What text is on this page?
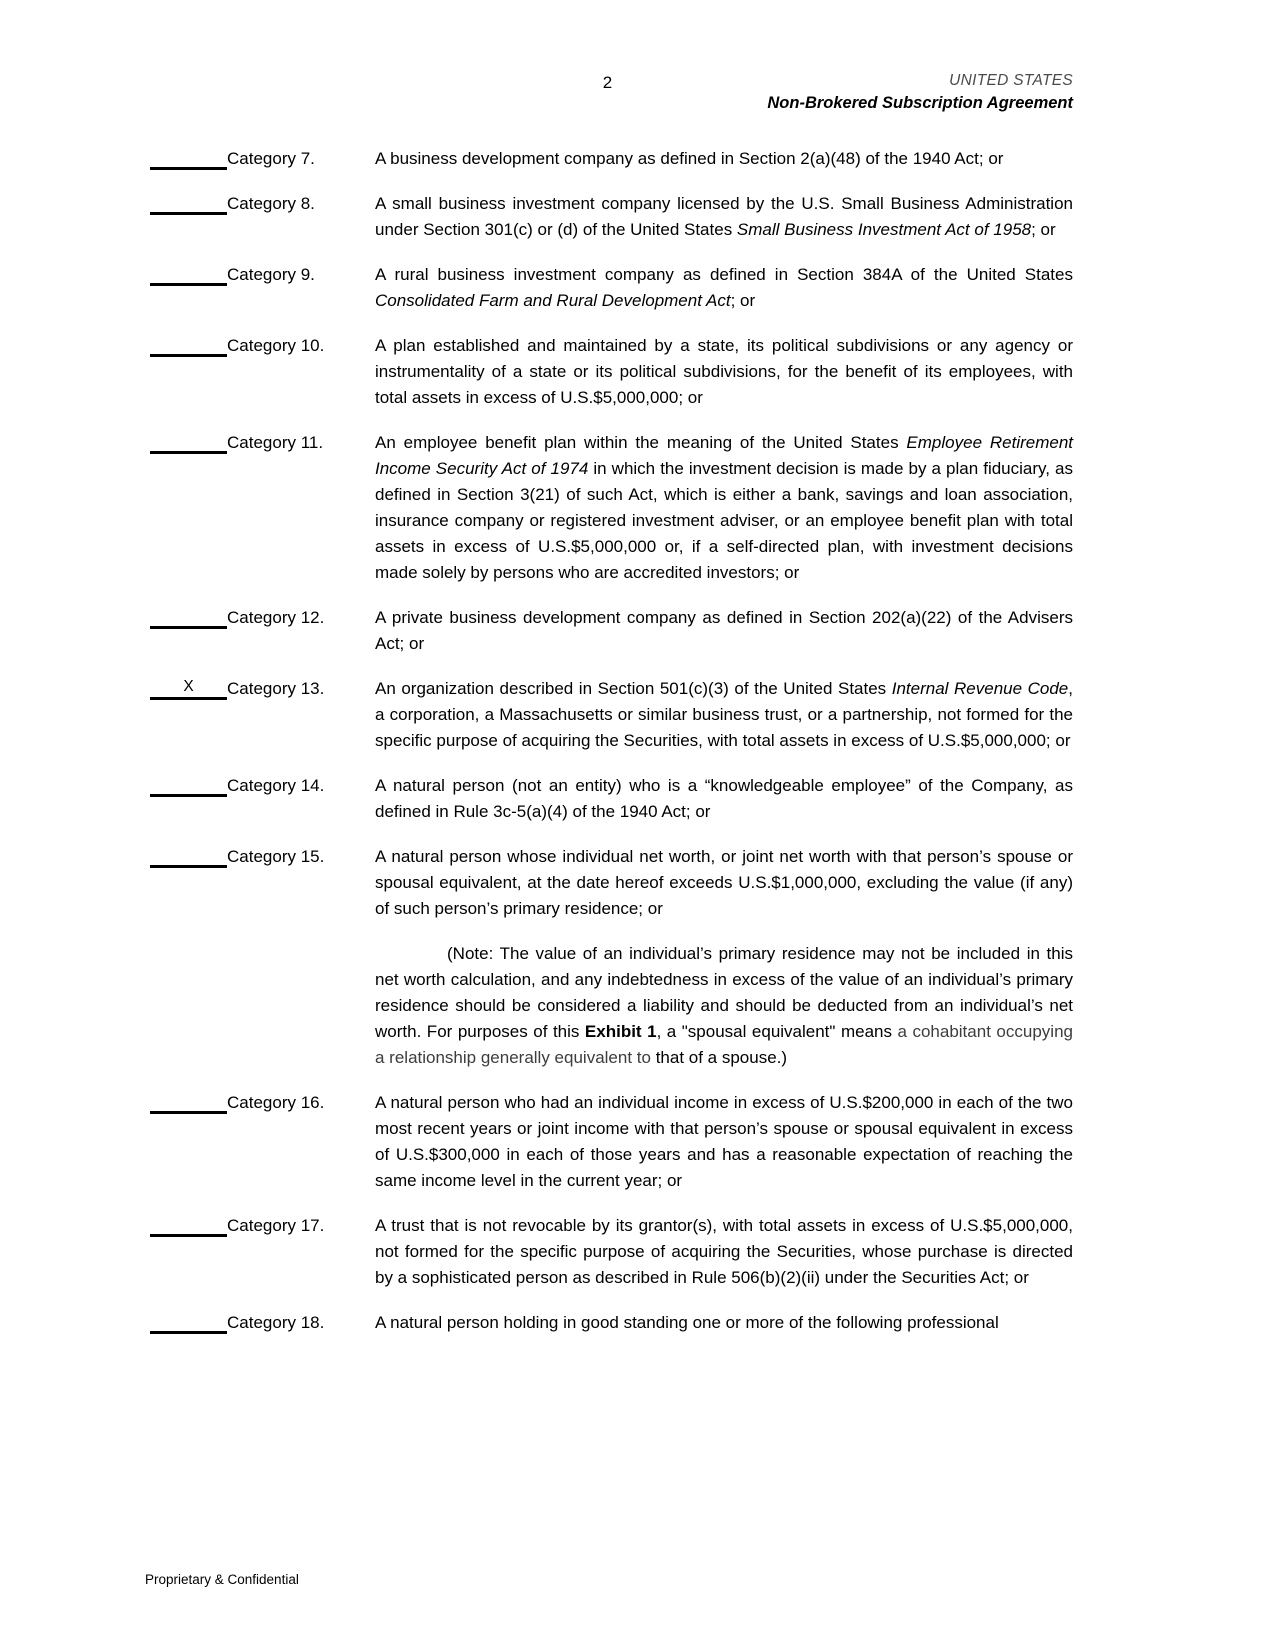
2	UNITED STATES
Non-Brokered Subscription Agreement
Category 7.	A business development company as defined in Section 2(a)(48) of the 1940 Act; or

Category 8.	A small business investment company licensed by the U.S. Small Business Administration under Section 301(c) or (d) of the United States Small Business Investment Act of 1958; or

Category 9.	A rural business investment company as defined in Section 384A of the United States Consolidated Farm and Rural Development Act; or

Category 10.	A plan established and maintained by a state, its political subdivisions or any agency or instrumentality of a state or its political subdivisions, for the benefit of its employees, with total assets in excess of U.S.$5,000,000; or

Category 11.	An employee benefit plan within the meaning of the United States Employee Retirement Income Security Act of 1974 in which the investment decision is made by a plan fiduciary, as defined in Section 3(21) of such Act, which is either a bank, savings and loan association, insurance company or registered investment adviser, or an employee benefit plan with total assets in excess of U.S.$5,000,000 or, if a self-directed plan, with investment decisions made solely by persons who are accredited investors; or

Category 12.	A private business development company as defined in Section 202(a)(22) of the Advisers Act; or

X	Category 13.	An organization described in Section 501(c)(3) of the United States Internal Revenue Code, a corporation, a Massachusetts or similar business trust, or a partnership, not formed for the specific purpose of acquiring the Securities, with total assets in excess of U.S.$5,000,000; or

Category 14.	A natural person (not an entity) who is a “knowledgeable employee” of the Company, as defined in Rule 3c-5(a)(4) of the 1940 Act; or

Category 15.	A natural person whose individual net worth, or joint net worth with that person’s spouse or spousal equivalent, at the date hereof exceeds U.S.$1,000,000, excluding the value (if any) of such person’s primary residence; or

(Note: The value of an individual’s primary residence may not be included in this net worth calculation, and any indebtedness in excess of the value of an individual’s primary residence should be considered a liability and should be deducted from an individual’s net worth. For purposes of this Exhibit 1, a "spousal equivalent" means a cohabitant occupying a relationship generally equivalent to that of a spouse.)

Category 16.	A natural person who had an individual income in excess of U.S.$200,000 in each of the two most recent years or joint income with that person’s spouse or spousal equivalent in excess of U.S.$300,000 in each of those years and has a reasonable expectation of reaching the same income level in the current year; or

Category 17.	A trust that is not revocable by its grantor(s), with total assets in excess of U.S.$5,000,000, not formed for the specific purpose of acquiring the Securities, whose purchase is directed by a sophisticated person as described in Rule 506(b)(2)(ii) under the Securities Act; or

Category 18.	A natural person holding in good standing one or more of the following professional

Proprietary & Confidential
